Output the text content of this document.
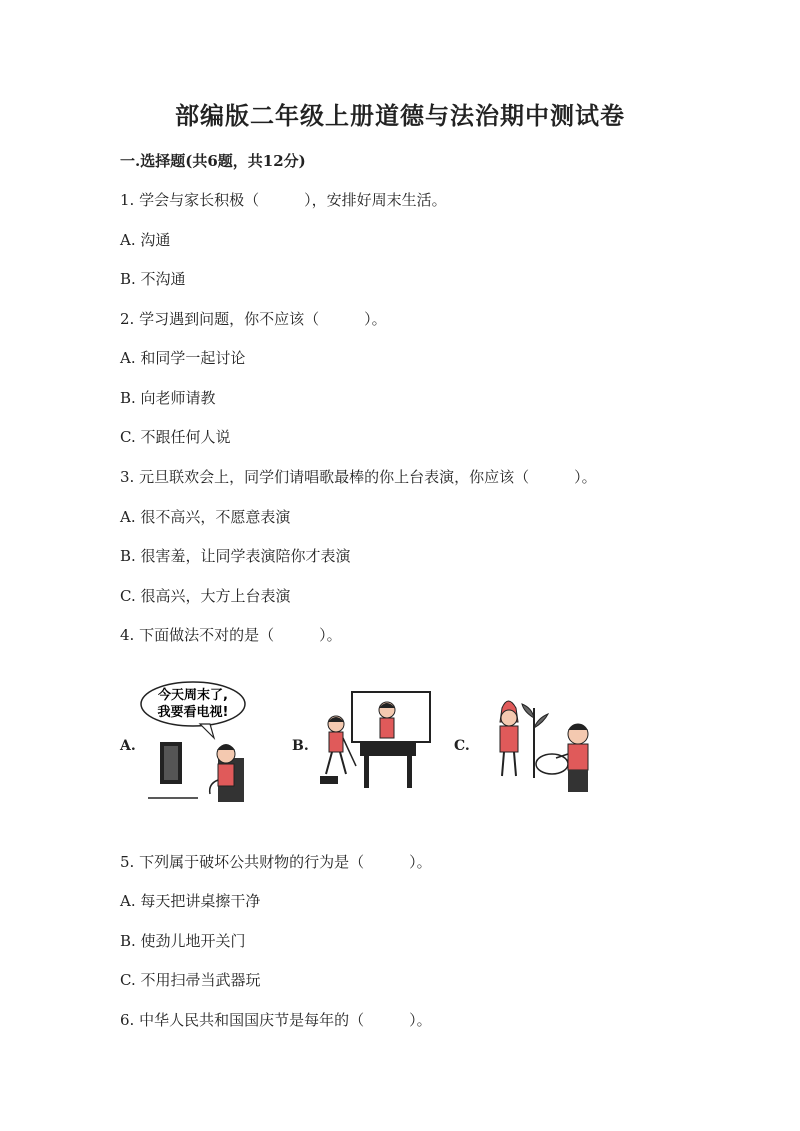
部编版二年级上册道德与法治期中测试卷
一.选择题(共6题，共12分)
1. 学会与家长积极（　　　），安排好周末生活。
A. 沟通
B. 不沟通
2. 学习遇到问题，你不应该（　　　）。
A. 和同学一起讨论
B. 向老师请教
C. 不跟任何人说
3. 元旦联欢会上，同学们请唱歌最棒的你上台表演，你应该（　　　）。
A. 很不高兴，不愿意表演
B. 很害羞，让同学表演陪你才表演
C. 很高兴，大方上台表演
4. 下面做法不对的是（　　　）。
A.	B.	C.
今天周末了,
我要看电视!
5. 下列属于破坏公共财物的行为是（　　　）。
A. 每天把讲桌擦干净
B. 使劲儿地开关门
C. 不用扫帚当武器玩
6. 中华人民共和国国庆节是每年的（　　　）。
